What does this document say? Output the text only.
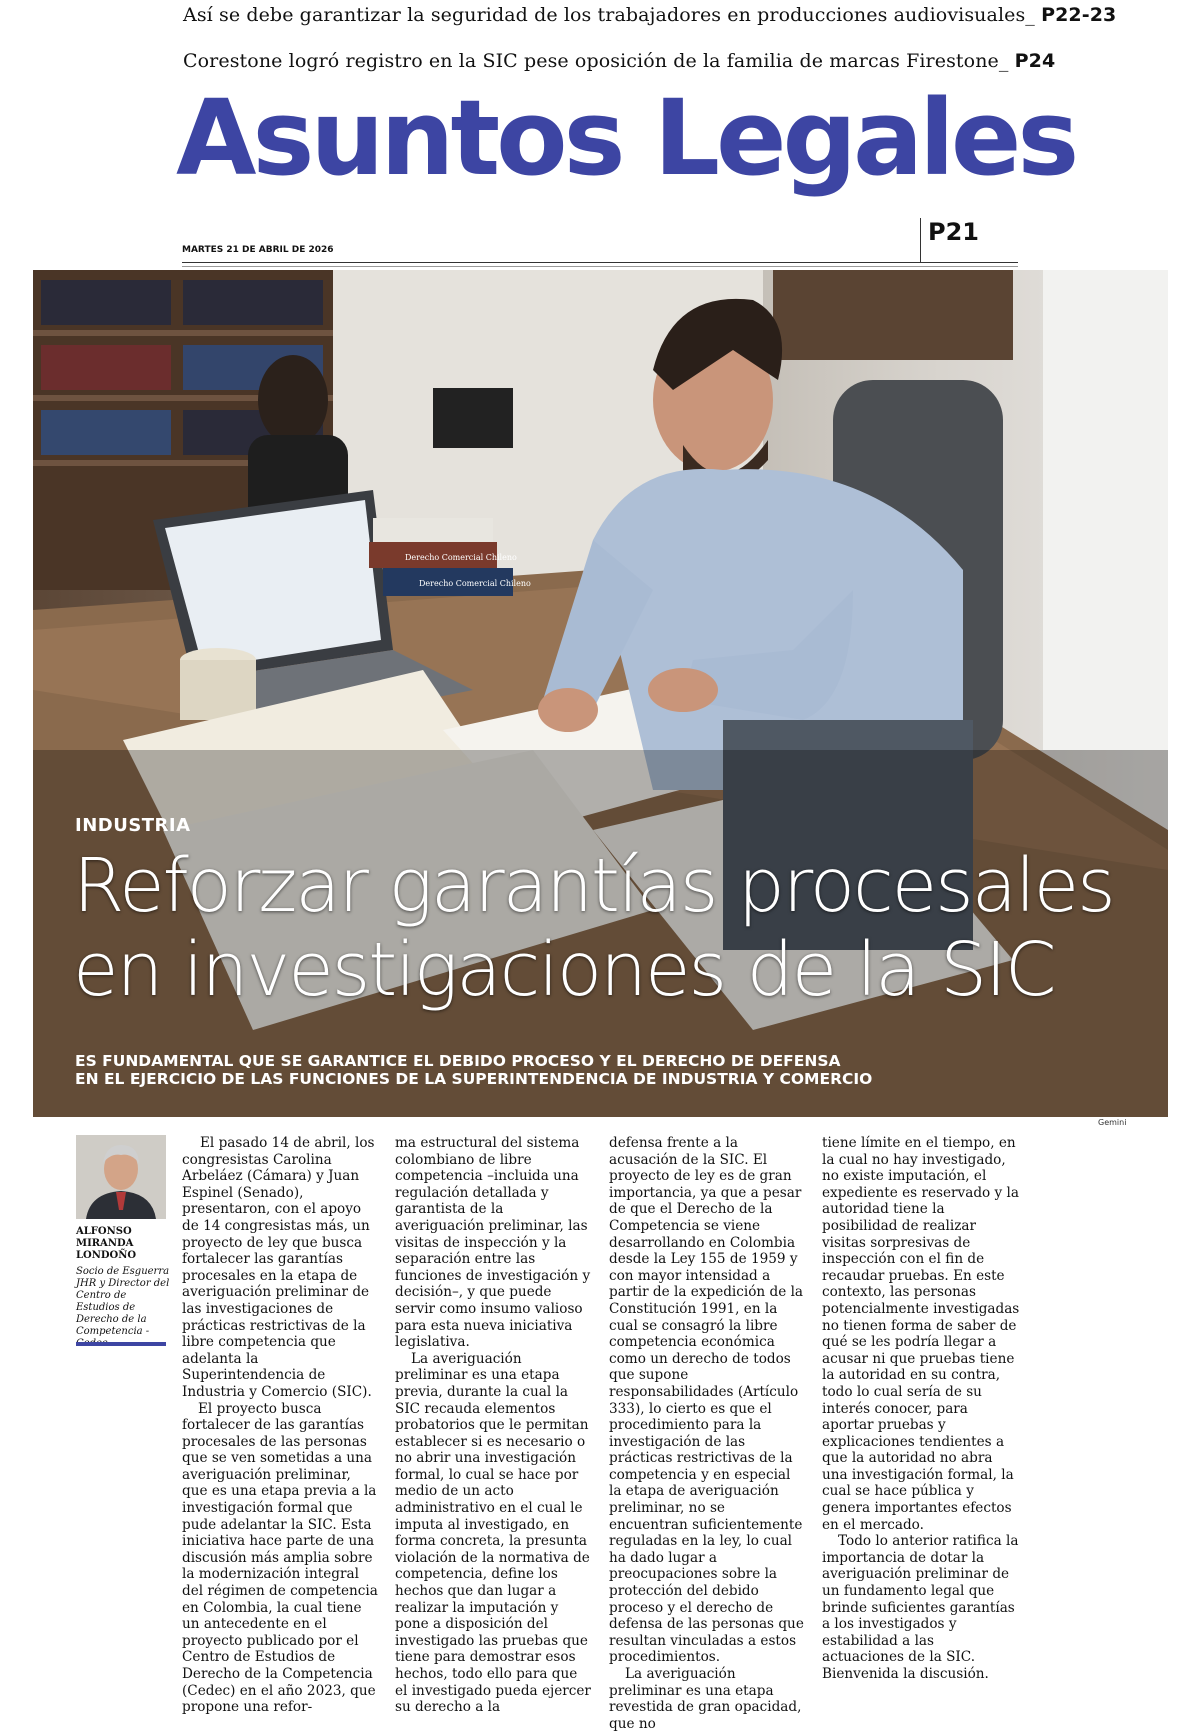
Así se debe garantizar la seguridad de los trabajadores en producciones audiovisuales_ P22-23
Corestone logró registro en la SIC pese oposición de la familia de marcas Firestone_ P24
Asuntos Legales
MARTES 21 DE ABRIL DE 2026
P21
Derecho Comercial Chileno
Derecho Comercial Chileno
INDUSTRIA
Reforzar garantías procesales
en investigaciones de la SIC
ES FUNDAMENTAL QUE SE GARANTICE EL DEBIDO PROCESO Y EL DERECHO DE DEFENSA
EN EL EJERCICIO DE LAS FUNCIONES DE LA SUPERINTENDENCIA DE INDUSTRIA Y COMERCIO
Gemini
ALFONSO MIRANDA LONDOÑO
Socio de Esguerra JHR y Director del Centro de Estudios de Derecho de la Competencia -

El pasado 14 de abril, los congresistas Carolina Arbeláez (Cámara) y Juan Espinel (Senado), presentaron, con el apoyo de 14 congresistas más, un proyecto de ley que busca fortalecer las garantías procesales en la etapa de averiguación preliminar de las investigaciones de prácticas restrictivas de la libre competencia que adelanta la Superintendencia de Industria y Comercio (SIC).

El proyecto busca fortalecer de las garantías procesales de las personas que se ven sometidas a una averiguación preliminar, que es una etapa previa a la investigación formal que pude adelantar la SIC. Esta iniciativa hace parte de una discusión más amplia sobre la modernización integral del régimen de competencia en Colombia, la cual tiene un antecedente en el proyecto publicado por el Centro de Estudios de Derecho de la Competencia (Cedec) en el año 2023, que propone una refor-

ma estructural del sistema colombiano de libre competencia –incluida una regulación detallada y garantista de la averiguación preliminar, las visitas de inspección y la separación entre las funciones de investigación y decisión–, y que puede servir como insumo valioso para esta nueva iniciativa legislativa.

La averiguación preliminar es una etapa previa, durante la cual la SIC recauda elementos probatorios que le permitan establecer si es necesario o no abrir una investigación formal, lo cual se hace por medio de un acto administrativo en el cual le imputa al investigado, en forma concreta, la presunta violación de la normativa de competencia, define los hechos que dan lugar a realizar la imputación y pone a disposición del investigado las pruebas que tiene para demostrar esos hechos, todo ello para que el investigado pueda ejercer su derecho a la

defensa frente a la acusación de la SIC. El proyecto de ley es de gran importancia, ya que a pesar de que el Derecho de la Competencia se viene desarrollando en Colombia desde la Ley 155 de 1959 y con mayor intensidad a partir de la expedición de la Constitución 1991, en la cual se consagró la libre competencia económica como un derecho de todos que supone responsabilidades (Artículo 333), lo cierto es que el procedimiento para la investigación de las prácticas restrictivas de la competencia y en especial la etapa de averiguación preliminar, no se encuentran suficientemente reguladas en la ley, lo cual ha dado lugar a preocupaciones sobre la protección del debido proceso y el derecho de defensa de las personas que resultan vinculadas a estos procedimientos.

La averiguación preliminar es una etapa revestida de gran opacidad, que no

tiene límite en el tiempo, en la cual no hay investigado, no existe imputación, el expediente es reservado y la autoridad tiene la posibilidad de realizar visitas sorpresivas de inspección con el fin de recaudar pruebas. En este contexto, las personas potencialmente investigadas no tienen forma de saber de qué se les podría llegar a acusar ni que pruebas tiene la autoridad en su contra, todo lo cual sería de su interés conocer, para aportar pruebas y explicaciones tendientes a que la autoridad no abra una investigación formal, la cual se hace pública y genera importantes efectos en el mercado.

Todo lo anterior ratifica la importancia de dotar la averiguación preliminar de un fundamento legal que brinde suficientes garantías a los investigados y estabilidad a las actuaciones de la SIC. Bienvenida la discusión.
